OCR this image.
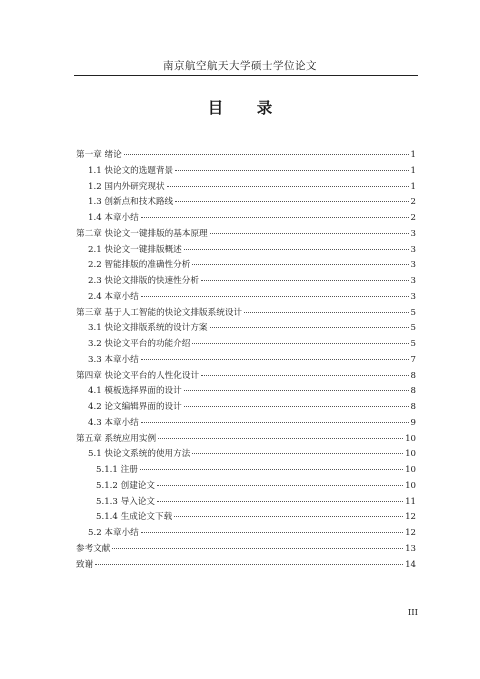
南京航空航天大学硕士学位论文
目 录
第一章 绪论	1
1.1 快论文的选题背景	1
1.2 国内外研究现状	1
1.3 创新点和技术路线	2
1.4 本章小结	2
第二章 快论文一键排版的基本原理	3
2.1 快论文一键排版概述	3
2.2 智能排版的准确性分析	3
2.3 快论文排版的快速性分析	3
2.4 本章小结	3
第三章 基于人工智能的快论文排版系统设计	5
3.1 快论文排版系统的设计方案	5
3.2 快论文平台的功能介绍	5
3.3 本章小结	7
第四章 快论文平台的人性化设计	8
4.1 模板选择界面的设计	8
4.2 论文编辑界面的设计	8
4.3 本章小结	9
第五章 系统应用实例	10
5.1 快论文系统的使用方法	10
5.1.1 注册	10
5.1.2 创建论文	10
5.1.3 导入论文	11
5.1.4 生成论文下载	12
5.2 本章小结	12
参考文献	13
致谢	14
III
